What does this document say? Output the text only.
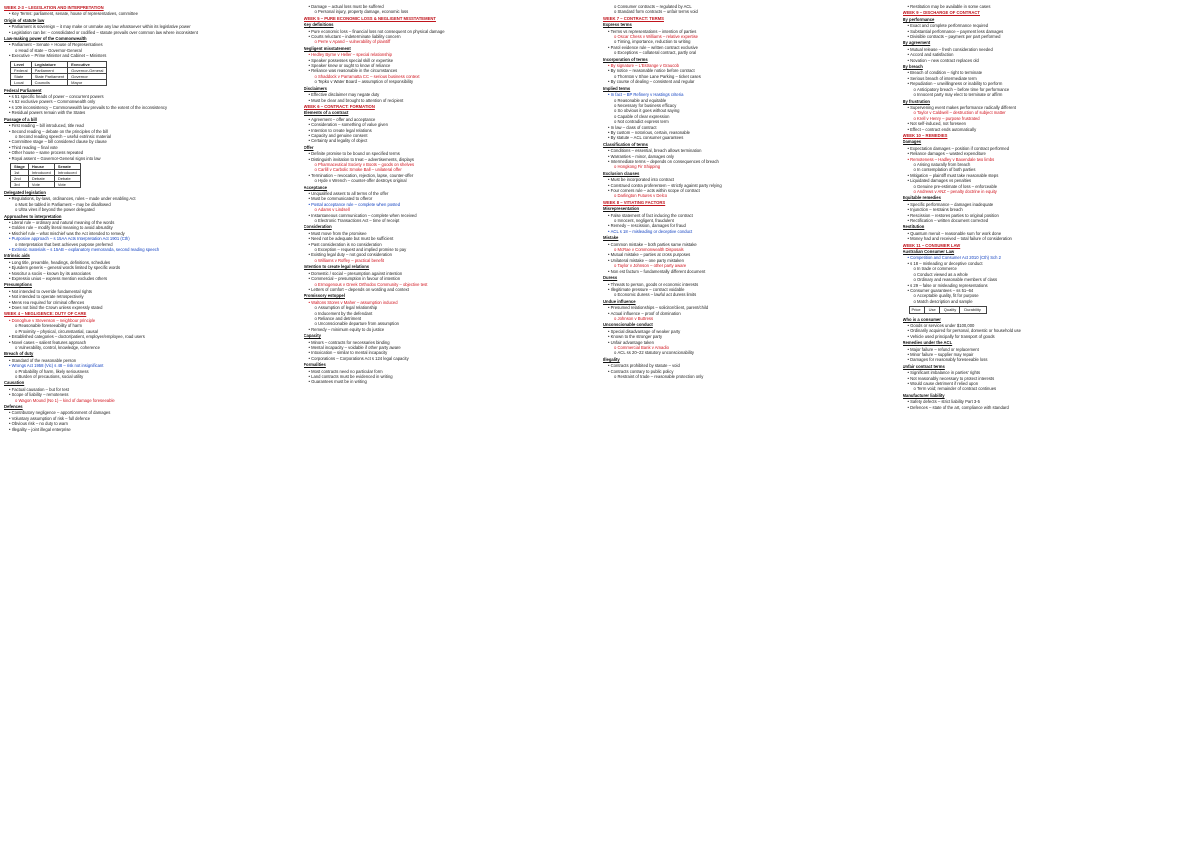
WEEK 2-3 – LEGISLATION AND INTERPRETATION
• Key Terms: parliament, senate, house of representatives, committee
Origin of statute law
• Parliament is sovereign – it may make or unmake any law whatsoever within its legislative power
• Legislation can be: – consolidated or codified – statute prevails over common law where inconsistent
Law-making power of the Commonwealth
• Parliament – Senate + House of Representatives
o Head of state – Governor-General
• Executive – Prime Minister and Cabinet – Ministers
Level	Legislature	Executive
Federal	Parliament	Governor-General
State	State Parliament	Governor
Local	Councils	Mayor
Federal Parliament
• s 51 specific heads of power – concurrent powers
• s 52 exclusive powers – Commonwealth only
• s 109 inconsistency – Commonwealth law prevails to the extent of the inconsistency
• Residual powers remain with the States
Passage of a bill
• First reading – bill introduced, title read
• Second reading – debate on the principles of the bill
o Second reading speech – useful extrinsic material
• Committee stage – bill considered clause by clause
• Third reading – final vote
• Other house – same process repeated
• Royal assent – Governor-General signs into law
Stage	House	Senate
1st	Introduced	Introduced
2nd	Debate	Debate
3rd	Vote	Vote
Delegated legislation
• Regulations, by-laws, ordinances, rules – made under enabling Act
o Must be tabled in Parliament – may be disallowed
o Ultra vires if beyond the power delegated
Approaches to interpretation
• Literal rule – ordinary and natural meaning of the words
• Golden rule – modify literal meaning to avoid absurdity
• Mischief rule – what mischief was the Act intended to remedy
• Purposive approach – s 15AA Acts Interpretation Act 1901 (Cth)
o Interpretation that best achieves purpose preferred
• Extrinsic materials – s 15AB – explanatory memoranda, second reading speech
Intrinsic aids
• Long title, preamble, headings, definitions, schedules
• Ejusdem generis – general words limited by specific words
• Noscitur a sociis – known by its associates
• Expressio unius – express mention excludes others
Presumptions
• Not intended to override fundamental rights
• Not intended to operate retrospectively
• Mens rea required for criminal offences
• Does not bind the Crown unless expressly stated
WEEK 4 – NEGLIGENCE: DUTY OF CARE
• Donoghue v Stevenson – neighbour principle
o Reasonable foreseeability of harm
o Proximity – physical, circumstantial, causal
• Established categories – doctor/patient, employer/employee, road users
• Novel cases – salient features approach
o Vulnerability, control, knowledge, coherence
Breach of duty
• Standard of the reasonable person
• Wrongs Act 1958 (Vic) s 48 – risk not insignificant
o Probability of harm, likely seriousness
o Burden of precautions, social utility
Causation
• Factual causation – but for test
• Scope of liability – remoteness
o Wagon Mound (No 1) – kind of damage foreseeable
Defences
• Contributory negligence – apportionment of damages
• Voluntary assumption of risk – full defence
• Obvious risk – no duty to warn
• Illegality – joint illegal enterprise
• Damage – actual loss must be suffered
o Personal injury, property damage, economic loss
WEEK 5 – PURE ECONOMIC LOSS & NEGLIGENT MISSTATEMENT
Key definitions
• Pure economic loss – financial loss not consequent on physical damage
• Courts reluctant – indeterminate liability concern
o Perre v Apand – vulnerability of plaintiff
Negligent misstatement
• Hedley Byrne v Heller – special relationship
• Speaker possesses special skill or expertise
• Speaker knew or ought to know of reliance
• Reliance was reasonable in the circumstances
o Shaddock v Parramatta CC – serious business context
o Tepko v Water Board – assumption of responsibility
Disclaimers
• Effective disclaimer may negate duty
• Must be clear and brought to attention of recipient
WEEK 6 – CONTRACT: FORMATION
Elements of a contract
• Agreement – offer and acceptance
• Consideration – something of value given
• Intention to create legal relations
• Capacity and genuine consent
• Certainty and legality of object
Offer
• Definite promise to be bound on specified terms
• Distinguish invitation to treat – advertisements, displays
o Pharmaceutical Society v Boots – goods on shelves
o Carlill v Carbolic Smoke Ball – unilateral offer
• Termination – revocation, rejection, lapse, counter-offer
o Hyde v Wrench – counter-offer destroys original
Acceptance
• Unqualified assent to all terms of the offer
• Must be communicated to offeror
• Postal acceptance rule – complete when posted
o Adams v Lindsell
• Instantaneous communication – complete when received
o Electronic Transactions Act – time of receipt
Consideration
• Must move from the promisee
• Need not be adequate but must be sufficient
• Past consideration is no consideration
o Exception – request and implied promise to pay
• Existing legal duty – not good consideration
o Williams v Roffey – practical benefit
Intention to create legal relations
• Domestic / social – presumption against intention
• Commercial – presumption in favour of intention
o Ermogenous v Greek Orthodox Community – objective test
• Letters of comfort – depends on wording and context
Promissory estoppel
• Waltons Stores v Maher – assumption induced
o Assumption of legal relationship
o Inducement by the defendant
o Reliance and detriment
o Unconscionable departure from assumption
• Remedy – minimum equity to do justice
Capacity
• Minors – contracts for necessaries binding
• Mental incapacity – voidable if other party aware
• Intoxication – similar to mental incapacity
• Corporations – Corporations Act s 124 legal capacity
Formalities
• Most contracts need no particular form
• Land contracts must be evidenced in writing
• Guarantees must be in writing
o Consumer contracts – regulated by ACL
o Standard form contracts – unfair terms void
WEEK 7 – CONTRACT: TERMS
Express terms
• Terms vs representations – intention of parties
o Oscar Chess v Williams – relative expertise
o Timing, importance, reduction to writing
• Parol evidence rule – written contract exclusive
o Exceptions – collateral contract, partly oral
Incorporation of terms
• By signature – L'Estrange v Graucob
• By notice – reasonable notice before contract
o Thornton v Shoe Lane Parking – ticket cases
• By course of dealing – consistent and regular
Implied terms
• In fact – BP Refinery v Hastings criteria
o Reasonable and equitable
o Necessary for business efficacy
o So obvious it goes without saying
o Capable of clear expression
o Not contradict express term
• In law – class of contract
• By custom – notorious, certain, reasonable
• By statute – ACL consumer guarantees
Classification of terms
• Conditions – essential, breach allows termination
• Warranties – minor, damages only
• Intermediate terms – depends on consequences of breach
o Hongkong Fir Shipping
Exclusion clauses
• Must be incorporated into contract
• Construed contra proferentem – strictly against party relying
• Four corners rule – acts within scope of contract
o Darlington Futures v Delco
WEEK 8 – VITIATING FACTORS
Misrepresentation
• False statement of fact inducing the contract
o Innocent, negligent, fraudulent
• Remedy – rescission, damages for fraud
• ACL s 18 – misleading or deceptive conduct
Mistake
• Common mistake – both parties same mistake
o McRae v Commonwealth Disposals
• Mutual mistake – parties at cross purposes
• Unilateral mistake – one party mistaken
o Taylor v Johnson – other party aware
• Non est factum – fundamentally different document
Duress
• Threats to person, goods or economic interests
• Illegitimate pressure – contract voidable
o Economic duress – lawful act duress limits
Undue influence
• Presumed relationships – solicitor/client, parent/child
• Actual influence – proof of domination
o Johnson v Buttress
Unconscionable conduct
• Special disadvantage of weaker party
• Known to the stronger party
• Unfair advantage taken
o Commercial Bank v Amadio
o ACL ss 20–22 statutory unconscionability
Illegality
• Contracts prohibited by statute – void
• Contracts contrary to public policy
o Restraint of trade – reasonable protection only
• Restitution may be available in some cases
WEEK 9 – DISCHARGE OF CONTRACT
By performance
• Exact and complete performance required
• Substantial performance – payment less damages
• Divisible contracts – payment per part performed
By agreement
• Mutual release – fresh consideration needed
• Accord and satisfaction
• Novation – new contract replaces old
By breach
• Breach of condition – right to terminate
• Serious breach of intermediate term
• Repudiation – unwillingness or inability to perform
o Anticipatory breach – before time for performance
o Innocent party may elect to terminate or affirm
By frustration
• Supervening event makes performance radically different
o Taylor v Caldwell – destruction of subject matter
o Krell v Henry – purpose frustrated
• Not self-induced, not foreseen
• Effect – contract ends automatically
WEEK 10 – REMEDIES
Damages
• Expectation damages – position if contract performed
• Reliance damages – wasted expenditure
• Remoteness – Hadley v Baxendale two limbs
o Arising naturally from breach
o In contemplation of both parties
• Mitigation – plaintiff must take reasonable steps
• Liquidated damages vs penalties
o Genuine pre-estimate of loss – enforceable
o Andrews v ANZ – penalty doctrine in equity
Equitable remedies
• Specific performance – damages inadequate
• Injunction – restrains breach
• Rescission – restores parties to original position
• Rectification – written document corrected
Restitution
• Quantum meruit – reasonable sum for work done
• Money had and received – total failure of consideration
WEEK 11 – CONSUMER LAW
Australian Consumer Law
• Competition and Consumer Act 2010 (Cth) Sch 2
• s 18 – misleading or deceptive conduct
o In trade or commerce
o Conduct viewed as a whole
o Ordinary and reasonable members of class
• s 29 – false or misleading representations
• Consumer guarantees – ss 51–64
o Acceptable quality, fit for purpose
o Match description and sample
Price	Use	Quality	Durability
Who is a consumer
• Goods or services under $100,000
• Ordinarily acquired for personal, domestic or household use
• Vehicle used principally for transport of goods
Remedies under the ACL
• Major failure – refund or replacement
• Minor failure – supplier may repair
• Damages for reasonably foreseeable loss
Unfair contract terms
• Significant imbalance in parties' rights
• Not reasonably necessary to protect interests
• Would cause detriment if relied upon
o Term void; remainder of contract continues
Manufacturer liability
• Safety defects – strict liability Part 3-5
• Defences – state of the art, compliance with standard
